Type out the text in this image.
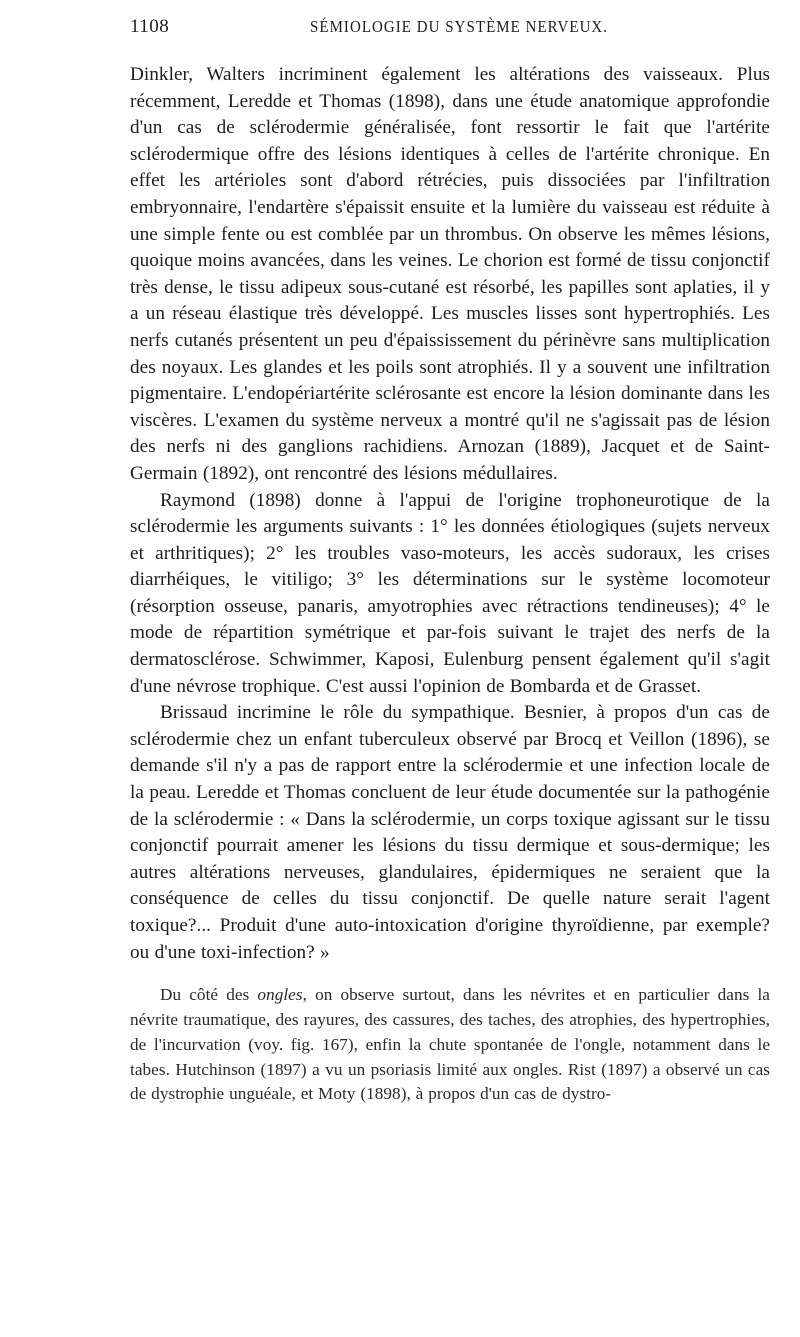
1108	SÉMIOLOGIE DU SYSTÈME NERVEUX.

Dinkler, Walters incriminent également les altérations des vaisseaux. Plus récemment, Leredde et Thomas (1898), dans une étude anatomique approfondie d'un cas de sclérodermie généralisée, font ressortir le fait que l'artérite sclérodermique offre des lésions identiques à celles de l'artérite chronique. En effet les artérioles sont d'abord rétrécies, puis dissociées par l'infiltration embryonnaire, l'endartère s'épaissit ensuite et la lumière du vaisseau est réduite à une simple fente ou est comblée par un thrombus. On observe les mêmes lésions, quoique moins avancées, dans les veines. Le chorion est formé de tissu conjonctif très dense, le tissu adipeux sous-cutané est résorbé, les papilles sont aplaties, il y a un réseau élastique très développé. Les muscles lisses sont hypertrophiés. Les nerfs cutanés présentent un peu d'épaississement du périnèvre sans multiplication des noyaux. Les glandes et les poils sont atrophiés. Il y a souvent une infiltration pigmentaire. L'endopériartérite sclérosante est encore la lésion dominante dans les viscères. L'examen du système nerveux a montré qu'il ne s'agissait pas de lésion des nerfs ni des ganglions rachidiens. Arnozan (1889), Jacquet et de Saint-Germain (1892), ont rencontré des lésions médullaires.

Raymond (1898) donne à l'appui de l'origine trophoneurotique de la sclérodermie les arguments suivants : 1° les données étiologiques (sujets nerveux et arthritiques); 2° les troubles vaso-moteurs, les accès sudoraux, les crises diarrhéiques, le vitiligo; 3° les déterminations sur le système locomoteur (résorption osseuse, panaris, amyotrophies avec rétractions tendineuses); 4° le mode de répartition symétrique et par-fois suivant le trajet des nerfs de la dermatosclérose. Schwimmer, Kaposi, Eulenburg pensent également qu'il s'agit d'une névrose trophique. C'est aussi l'opinion de Bombarda et de Grasset.

Brissaud incrimine le rôle du sympathique. Besnier, à propos d'un cas de sclérodermie chez un enfant tuberculeux observé par Brocq et Veillon (1896), se demande s'il n'y a pas de rapport entre la sclérodermie et une infection locale de la peau. Leredde et Thomas concluent de leur étude documentée sur la pathogénie de la sclérodermie : « Dans la sclérodermie, un corps toxique agissant sur le tissu conjonctif pourrait amener les lésions du tissu dermique et sous-dermique; les autres altérations nerveuses, glandulaires, épidermiques ne seraient que la conséquence de celles du tissu conjonctif. De quelle nature serait l'agent toxique?... Produit d'une auto-intoxication d'origine thyroïdienne, par exemple? ou d'une toxi-infection? »

Du côté des ongles, on observe surtout, dans les névrites et en particulier dans la névrite traumatique, des rayures, des cassures, des taches, des atrophies, des hypertrophies, de l'incurvation (voy. fig. 167), enfin la chute spontanée de l'ongle, notamment dans le tabes. Hutchinson (1897) a vu un psoriasis limité aux ongles. Rist (1897) a observé un cas de dystrophie unguéale, et Moty (1898), à propos d'un cas de dystro-
